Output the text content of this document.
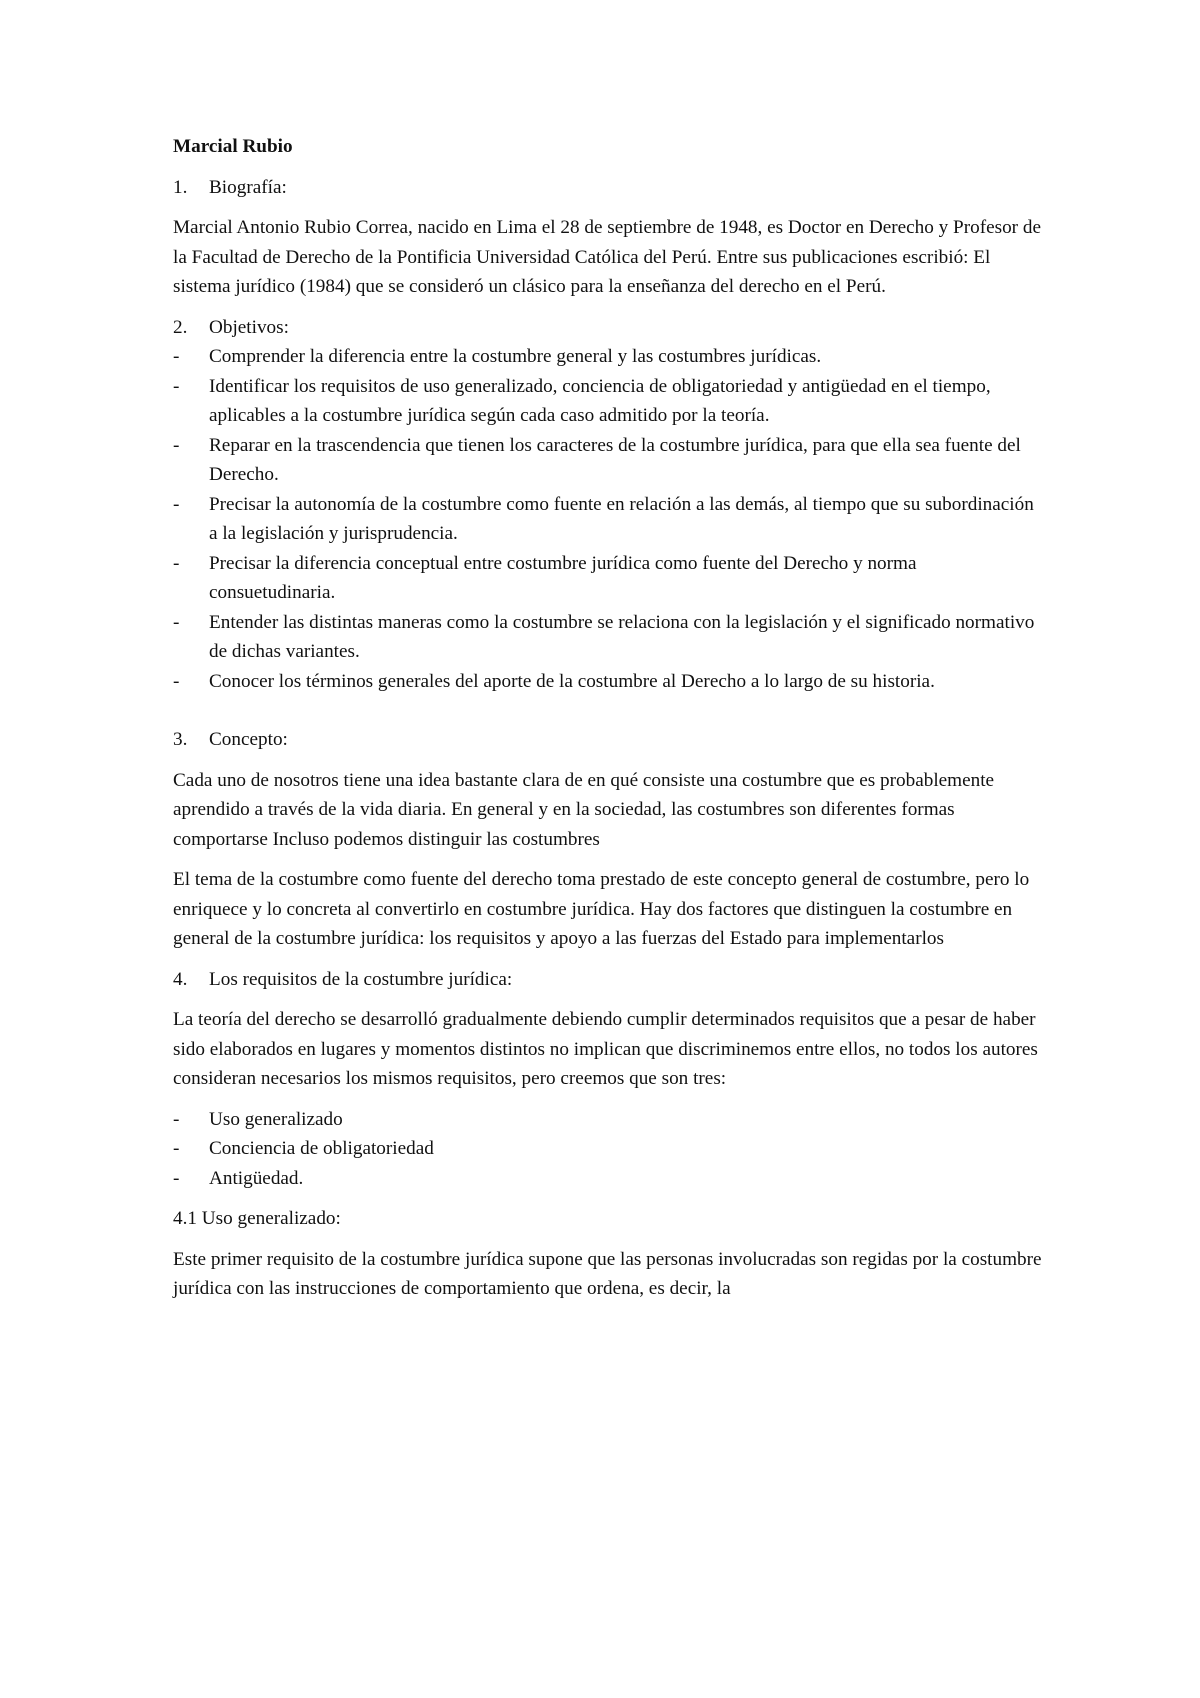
Marcial Rubio
1.	Biografía:

Marcial Antonio Rubio Correa, nacido en Lima el 28 de septiembre de 1948, es Doctor en Derecho y Profesor de la Facultad de Derecho de la Pontificia Universidad Católica del Perú. Entre sus publicaciones escribió: El sistema jurídico (1984) que se consideró un clásico para la enseñanza del derecho en el Perú.

2.	Objetivos:
-	Comprender la diferencia entre la costumbre general y las costumbres jurídicas.
-	Identificar los requisitos de uso generalizado, conciencia de obligatoriedad y antigüedad en el tiempo, aplicables a la costumbre jurídica según cada caso admitido por la teoría.
-	Reparar en la trascendencia que tienen los caracteres de la costumbre jurídica, para que ella sea fuente del Derecho.
-	Precisar la autonomía de la costumbre como fuente en relación a las demás, al tiempo que su subordinación a la legislación y jurisprudencia.
-	Precisar la diferencia conceptual entre costumbre jurídica como fuente del Derecho y norma consuetudinaria.
-	Entender las distintas maneras como la costumbre se relaciona con la legislación y el significado normativo de dichas variantes.
-	Conocer los términos generales del aporte de la costumbre al Derecho a lo largo de su historia.
3.	Concepto:

Cada uno de nosotros tiene una idea bastante clara de en qué consiste una costumbre que es probablemente aprendido a través de la vida diaria. En general y en la sociedad, las costumbres son diferentes formas comportarse Incluso podemos distinguir las costumbres

El tema de la costumbre como fuente del derecho toma prestado de este concepto general de costumbre, pero lo enriquece y lo concreta al convertirlo en costumbre jurídica. Hay dos factores que distinguen la costumbre en general de la costumbre jurídica: los requisitos y apoyo a las fuerzas del Estado para implementarlos

4.	Los requisitos de la costumbre jurídica:

La teoría del derecho se desarrolló gradualmente debiendo cumplir determinados requisitos que a pesar de haber sido elaborados en lugares y momentos distintos no implican que discriminemos entre ellos, no todos los autores consideran necesarios los mismos requisitos, pero creemos que son tres:

-	Uso generalizado
-	Conciencia de obligatoriedad
-	Antigüedad.
4.1 Uso generalizado:

Este primer requisito de la costumbre jurídica supone que las personas involucradas son regidas por la costumbre jurídica con las instrucciones de comportamiento que ordena, es decir, la
